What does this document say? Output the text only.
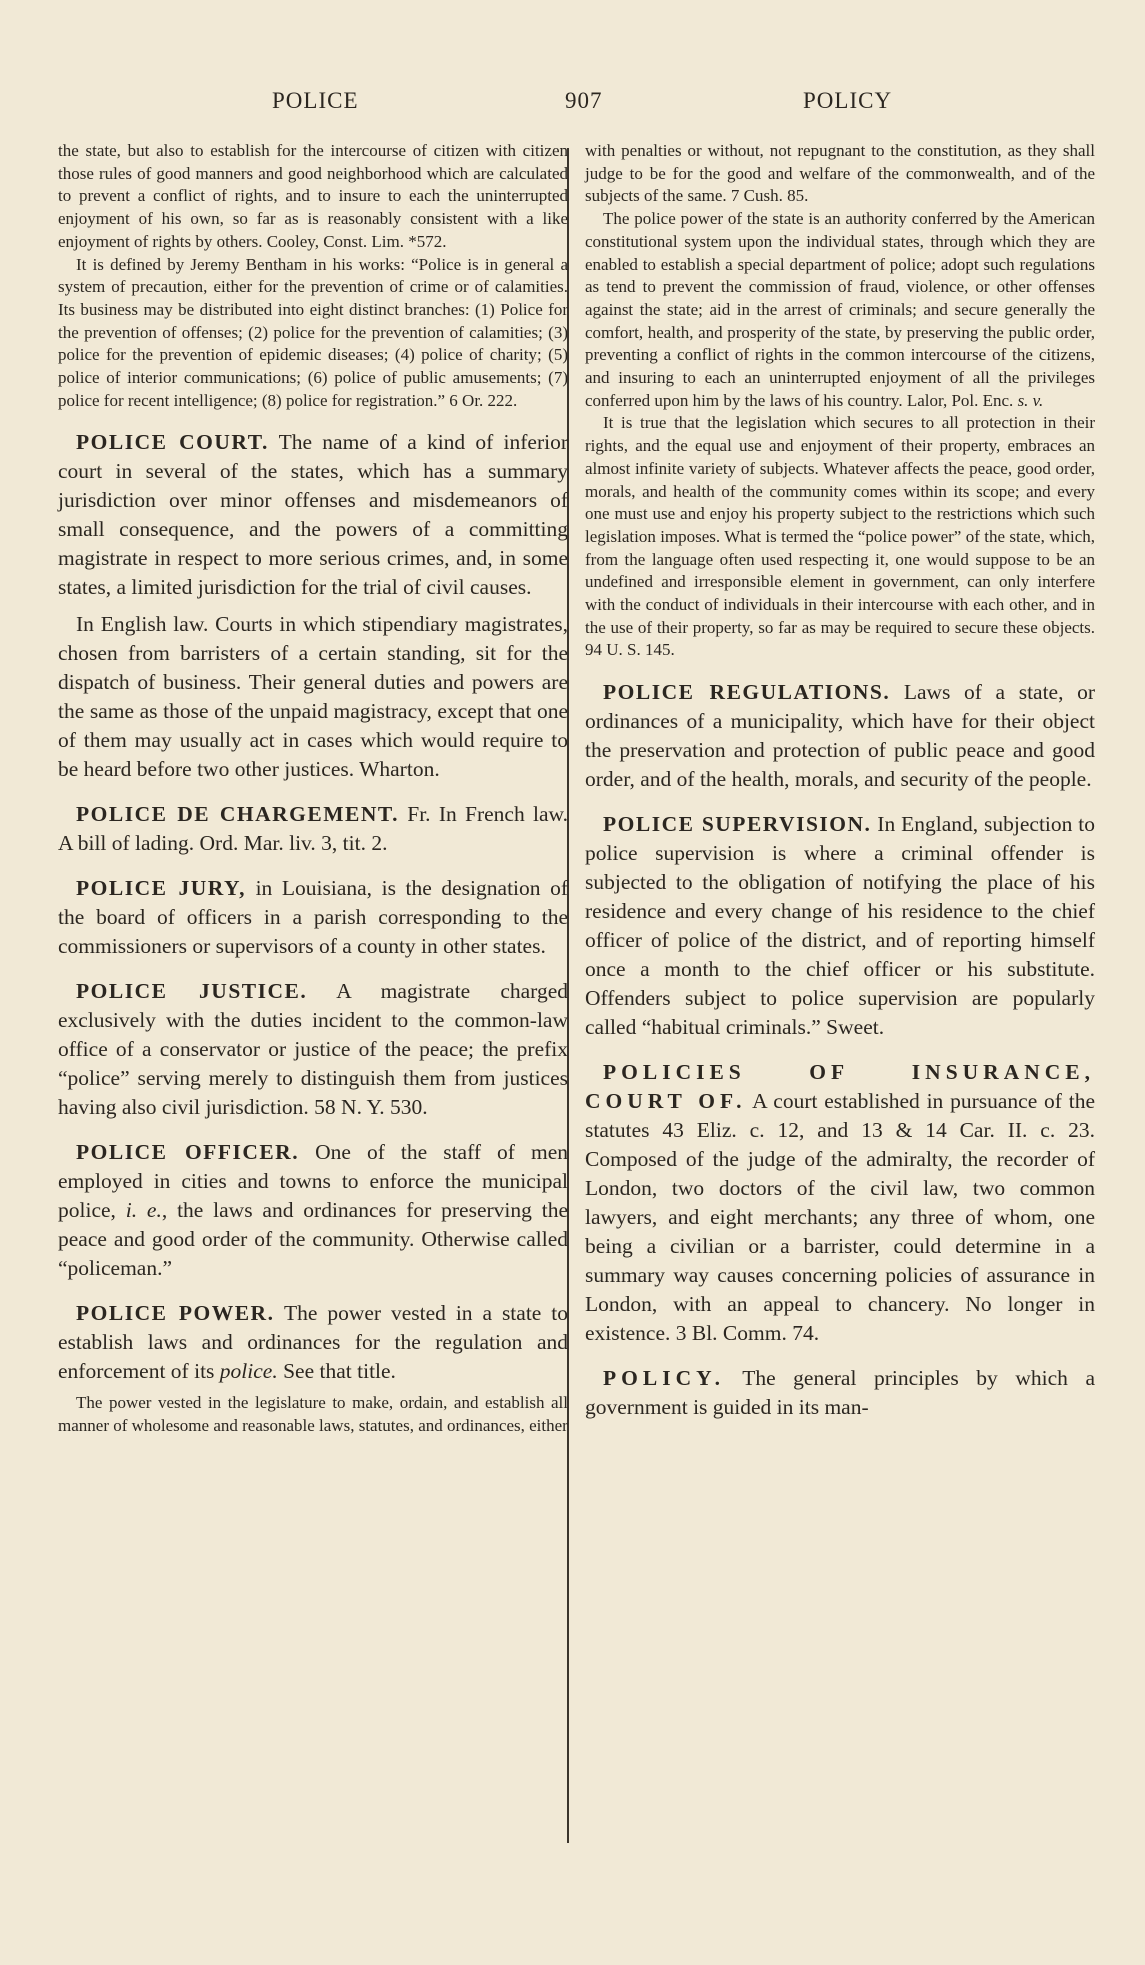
POLICE	907	POLICY

the state, but also to establish for the intercourse of citizen with citizen those rules of good manners and good neighborhood which are calculated to prevent a conflict of rights, and to insure to each the uninterrupted enjoyment of his own, so far as is reasonably consistent with a like enjoyment of rights by others. Cooley, Const. Lim. *572.

It is defined by Jeremy Bentham in his works: “Police is in general a system of precaution, either for the prevention of crime or of calamities. Its business may be distributed into eight distinct branches: (1) Police for the prevention of offenses; (2) police for the prevention of calamities; (3) police for the prevention of epidemic diseases; (4) police of charity; (5) police of interior communications; (6) police of public amusements; (7) police for recent intelligence; (8) police for registration.” 6 Or. 222.

POLICE COURT. The name of a kind of inferior court in several of the states, which has a summary jurisdiction over minor offenses and misdemeanors of small consequence, and the powers of a committing magistrate in respect to more serious crimes, and, in some states, a limited jurisdiction for the trial of civil causes.

In English law. Courts in which stipendiary magistrates, chosen from barristers of a certain standing, sit for the dispatch of business. Their general duties and powers are the same as those of the unpaid magistracy, except that one of them may usually act in cases which would require to be heard before two other justices. Wharton.

POLICE DE CHARGEMENT. Fr. In French law. A bill of lading. Ord. Mar. liv. 3, tit. 2.

POLICE JURY, in Louisiana, is the designation of the board of officers in a parish corresponding to the commissioners or supervisors of a county in other states.

POLICE JUSTICE. A magistrate charged exclusively with the duties incident to the common-law office of a conservator or justice of the peace; the prefix “police” serving merely to distinguish them from justices having also civil jurisdiction. 58 N. Y. 530.

POLICE OFFICER. One of the staff of men employed in cities and towns to enforce the municipal police, i. e., the laws and ordinances for preserving the peace and good order of the community. Otherwise called “policeman.”

POLICE POWER. The power vested in a state to establish laws and ordinances for the regulation and enforcement of its police. See that title.

The power vested in the legislature to make, ordain, and establish all manner of wholesome and reasonable laws, statutes, and ordinances, either

with penalties or without, not repugnant to the constitution, as they shall judge to be for the good and welfare of the commonwealth, and of the subjects of the same. 7 Cush. 85.

The police power of the state is an authority conferred by the American constitutional system upon the individual states, through which they are enabled to establish a special department of police; adopt such regulations as tend to prevent the commission of fraud, violence, or other offenses against the state; aid in the arrest of criminals; and secure generally the comfort, health, and prosperity of the state, by preserving the public order, preventing a conflict of rights in the common intercourse of the citizens, and insuring to each an uninterrupted enjoyment of all the privileges conferred upon him by the laws of his country. Lalor, Pol. Enc. s. v.

It is true that the legislation which secures to all protection in their rights, and the equal use and enjoyment of their property, embraces an almost infinite variety of subjects. Whatever affects the peace, good order, morals, and health of the community comes within its scope; and every one must use and enjoy his property subject to the restrictions which such legislation imposes. What is termed the “police power” of the state, which, from the language often used respecting it, one would suppose to be an undefined and irresponsible element in government, can only interfere with the conduct of individuals in their intercourse with each other, and in the use of their property, so far as may be required to secure these objects. 94 U. S. 145.

POLICE REGULATIONS. Laws of a state, or ordinances of a municipality, which have for their object the preservation and protection of public peace and good order, and of the health, morals, and security of the people.

POLICE SUPERVISION. In England, subjection to police supervision is where a criminal offender is subjected to the obligation of notifying the place of his residence and every change of his residence to the chief officer of police of the district, and of reporting himself once a month to the chief officer or his substitute. Offenders subject to police supervision are popularly called “habitual criminals.” Sweet.

POLICIES OF INSURANCE, COURT OF. A court established in pursuance of the statutes 43 Eliz. c. 12, and 13 & 14 Car. II. c. 23. Composed of the judge of the admiralty, the recorder of London, two doctors of the civil law, two common lawyers, and eight merchants; any three of whom, one being a civilian or a barrister, could determine in a summary way causes concerning policies of assurance in London, with an appeal to chancery. No longer in existence. 3 Bl. Comm. 74.

POLICY. The general principles by which a government is guided in its man-
